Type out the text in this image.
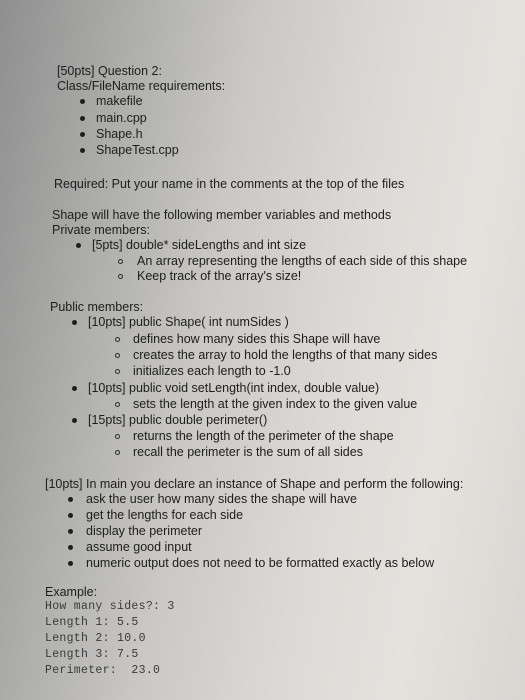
[50pts] Question 2:
Class/FileName requirements:
makefile
main.cpp
Shape.h
ShapeTest.cpp
Required: Put your name in the comments at the top of the files
Shape will have the following member variables and methods
Private members:
[5pts] double* sideLengths and int size
An array representing the lengths of each side of this shape
Keep track of the array's size!
Public members:
[10pts] public Shape( int numSides )
defines how many sides this Shape will have
creates the array to hold the lengths of that many sides
initializes each length to -1.0
[10pts] public void setLength(int index, double value)
sets the length at the given index to the given value
[15pts] public double perimeter()
returns the length of the perimeter of the shape
recall the perimeter is the sum of all sides
[10pts] In main you declare an instance of Shape and perform the following:
ask the user how many sides the shape will have
get the lengths for each side
display the perimeter
assume good input
numeric output does not need to be formatted exactly as below
Example:
How many sides?: 3
Length 1: 5.5
Length 2: 10.0
Length 3: 7.5
Perimeter:  23.0
